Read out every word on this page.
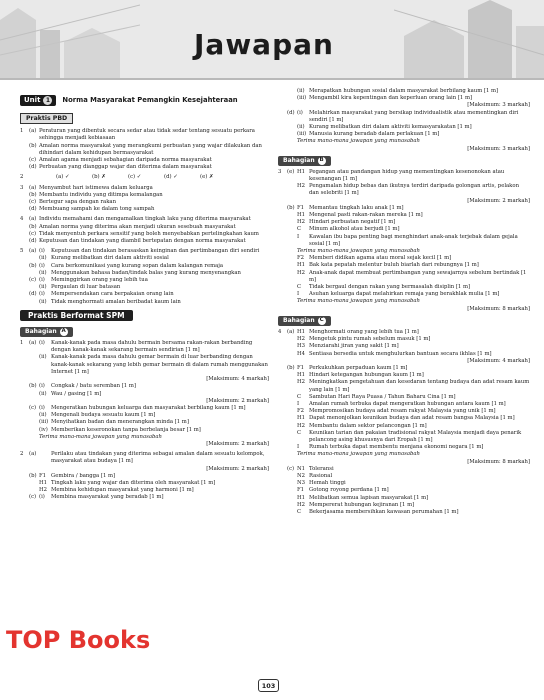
Jawapan
Unit 1	Norma Masyarakat Pemangkin Kesejahteraan
Praktis PBD
1	(a) Peraturan yang dibentuk secara sedar atau tidak sedar tentang sesuatu perkara sehingga menjadi kebiasaan
(b) Amalan norma masyarakat yang merangkumi perbuatan yang wajar dilakukan dan dihindari dalam kehidupan bermasyarakat
(c) Amalan agama menjadi sebahagian daripada norma masyarakat
(d) Perbuatan yang dianggap wajar dan diterima dalam masyarakat
2	(a) ✓	(b) ✗	(c) ✓	(d) ✓	(e) ✗
3	(a) Menyambut hari istimewa dalam keluarga
(b) Membantu individu yang ditimpa kemalangan
(c) Bertegur sapa dengan rakan
(d) Membuang sampah ke dalam tong sampah
4	(a) Individu memahami dan mengamalkan tingkah laku yang diterima masyarakat
(b) Amalan norma yang diterima akan menjadi ukuran sesebuah masyarakat
(c) Tidak menyentuh perkara sensitif yang boleh menyebabkan pertelingkahan kaum
(d) Keputusan dan tindakan yang diambil bertepatan dengan norma masyarakat
5	(a) (i)	Keputusan dan tindakan berasaskan keinginan dan pertimbangan diri sendiri
(ii) Kurang melibatkan diri dalam aktiviti sosial
(b) (i)	Cara berkomunikasi yang kurang sopan dalam kalangan remaja
(ii) Menggunakan bahasa badan/tindak balas yang kurang menyenangkan
(c) (i)	Meminggirkan orang yang lebih tua
(ii) Pergaulan di luar batasan
(d) (i)	Mempersendakan cara berpakaian orang lain
(ii) Tidak menghormati amalan beribadat kaum lain
Praktis Berformat SPM

Bahagian A
1	(a) (i)	Kanak-kanak pada masa dahulu bermain bersama rakan-rakan berbanding dengan kanak-kanak sekarang bermain sendirian [1 m]
(ii) Kanak-kanak pada masa dahulu gemar bermain di luar berbanding dengan kanak-kanak sekarang yang lebih gemar bermain di dalam rumah menggunakan Internet [1 m]
[Maksimum: 4 markah]
(b) (i)	Congkak / batu seremban [1 m]
(ii) Wau / gasing [1 m]
[Maksimum: 2 markah]
(c) (i)	Mengeratkan hubungan keluarga dan masyarakat berbilang kaum [1 m]
(ii) Mengenali budaya sesuatu kaum [1 m]
(iii) Menyihatkan badan dan menerangkan minda [1 m]
(iv) Memberikan keseronokan tanpa berbelanja besar [1 m]
Terima mana-mana jawapan yang munasabah
[Maksimum: 2 markah]
2	(a)	Perilaku atau tindakan yang diterima sebagai amalan dalam sesuatu kelompok, masyarakat atau budaya [1 m]
[Maksimum: 2 markah]
(b) F1 Gembira / bangga [1 m]
H1 Tingkah laku yang wajar dan diterima oleh masyarakat [1 m]
H2 Membina kehidupan masyarakat yang harmoni [1 m]
(c) (i)	Membina masyarakat yang beradab [1 m]
(ii) Merapatkan hubungan sosial dalam masyarakat berbilang kaum [1 m]
(iii) Mengambil kira kepentingan dan keperluan orang lain [1 m]
[Maksimum: 3 markah]
(d) (i)	Melahirkan masyarakat yang bersikap individualistik atau mementingkan diri sendiri [1 m]
(ii) Kurang melibatkan diri dalam aktiviti kemasyarakatan [1 m]
(iii) Manusia kurang beradab dalam perlakuan [1 m]
Terima mana-mana jawapan yang munasabah
[Maksimum: 3 markah]
Bahagian B
3	(e) H1 Pegangan atau pandangan hidup yang mementingkan kesenonokan atau kesenangan [1 m]
H2 Pengamalan hidup bebas dan ikutnya terdiri daripada golongan artis, pelakon dan selebriti [1 m]
[Maksimum: 2 markah]
(b) F1 Memantau tingkah laku anak [1 m]
H1 Mengenal pasti rakan-rakan mereka [1 m]
H2 Hindari perbuatan negatif [1 m]
C	Minum alkohol atau berjudi [1 m]
I	Kawalan ibu bapa penting bagi menghindari anak-anak terjebak dalam gejala sosial [1 m]
Terima mana-mana jawapan yang munasabah
F2 Memberi didikan agama atau moral sejak kecil [1 m]
H1 Bak kata pepatah melentur buluh biarlah dari rebungnya [1 m]
H2 Anak-anak dapat membuat pertimbangan yang sewajarnya sebelum bertindak [1 m]
C	Tidak bergaul dengan rakan yang bermasalah disiplin [1 m]
I	Asuhan keluarga dapat melahirkan remaja yang berakhlak mulia [1 m]
Terima mana-mana jawapan yang munasabah
[Maksimum: 8 markah]
Bahagian C
4	(a) H1 Menghormati orang yang lebih tua [1 m]
H2 Mengetuk pintu rumah sebelum masuk [1 m]
H3 Menziarahi jiran yang sakit [1 m]
H4 Sentiasa bersedia untuk menghulurkan bantuan secara ikhlas [1 m]
[Maksimum: 4 markah]
(b) F1 Perkukuhkan perpaduan kaum [1 m]
H1 Hindari ketegangan hubungan kaum [1 m]
H2 Meningkatkan pengetahuan dan kesedaran tentang budaya dan adat resam kaum yang lain [1 m]
C	Sambutan Hari Raya Puasa / Tahun Baharu Cina [1 m]
I	Amalan rumah terbuka dapat mengeratkan hubungan antara kaum [1 m]
F2 Mempromosikan budaya adat resam rakyat Malaysia yang unik [1 m]
H1 Dapat menonjolkan keunikan budaya dan adat resam bangsa Malaysia [1 m]
H2 Membantu dalam sektor pelancongan [1 m]
C	Keunikan tarian dan pakaian tradisional rakyat Malaysia menjadi daya penarik pelancong asing khususnya dari Eropah [1 m]
I	Rumah terbuka dapat membentu menjana ekonomi negara [1 m]
Terima mana-mana jawapan yang munasabah
[Maksimum: 8 markah]
(c) N1 Toleransi
N2 Rasional
N3 Hemah tinggi
F1 Gotong royong perdana [1 m]
H1 Melibatkan semua lapisan masyarakat [1 m]
H2 Mempererat hubungan kejiranan [1 m]
C	Bekerjasama membersihkan kawasan perumahan [1 m]
TOP Books
103
